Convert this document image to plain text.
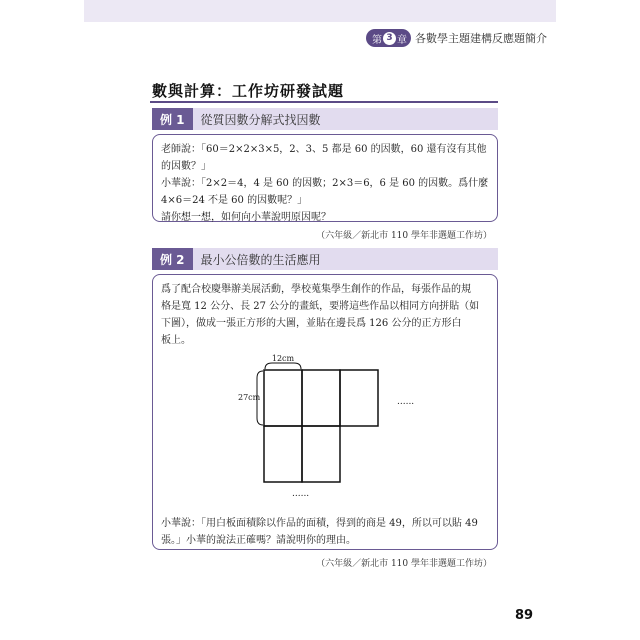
第 3 章 各數學主題建構反應題簡介
數與計算：工作坊研發試題
例 1	從質因數分解式找因數
老師說：「60＝2×2×3×5，2、3、5 都是 60 的因數，60 還有沒有其他
的因數？」
小華說：「2×2＝4，4 是 60 的因數；2×3＝6，6 是 60 的因數。爲什麼
4×6＝24 不是 60 的因數呢？」
請你想一想，如何向小華說明原因呢？
（六年級／新北市 110 學年非選題工作坊）
例 2	最小公倍數的生活應用
爲了配合校慶舉辦美展活動，學校蒐集學生創作的作品，每張作品的規
格是寬 12 公分、長 27 公分的畫紙，要將這些作品以相同方向拼貼（如
下圖），做成一張正方形的大圖，並貼在邊長爲 126 公分的正方形白
板上。
小華說：「用白板面積除以作品的面積，得到的商是 49，所以可以貼 49
張。」小華的說法正確嗎？請說明你的理由。
12cm
27cm	......
......
（六年級／新北市 110 學年非選題工作坊）
89
